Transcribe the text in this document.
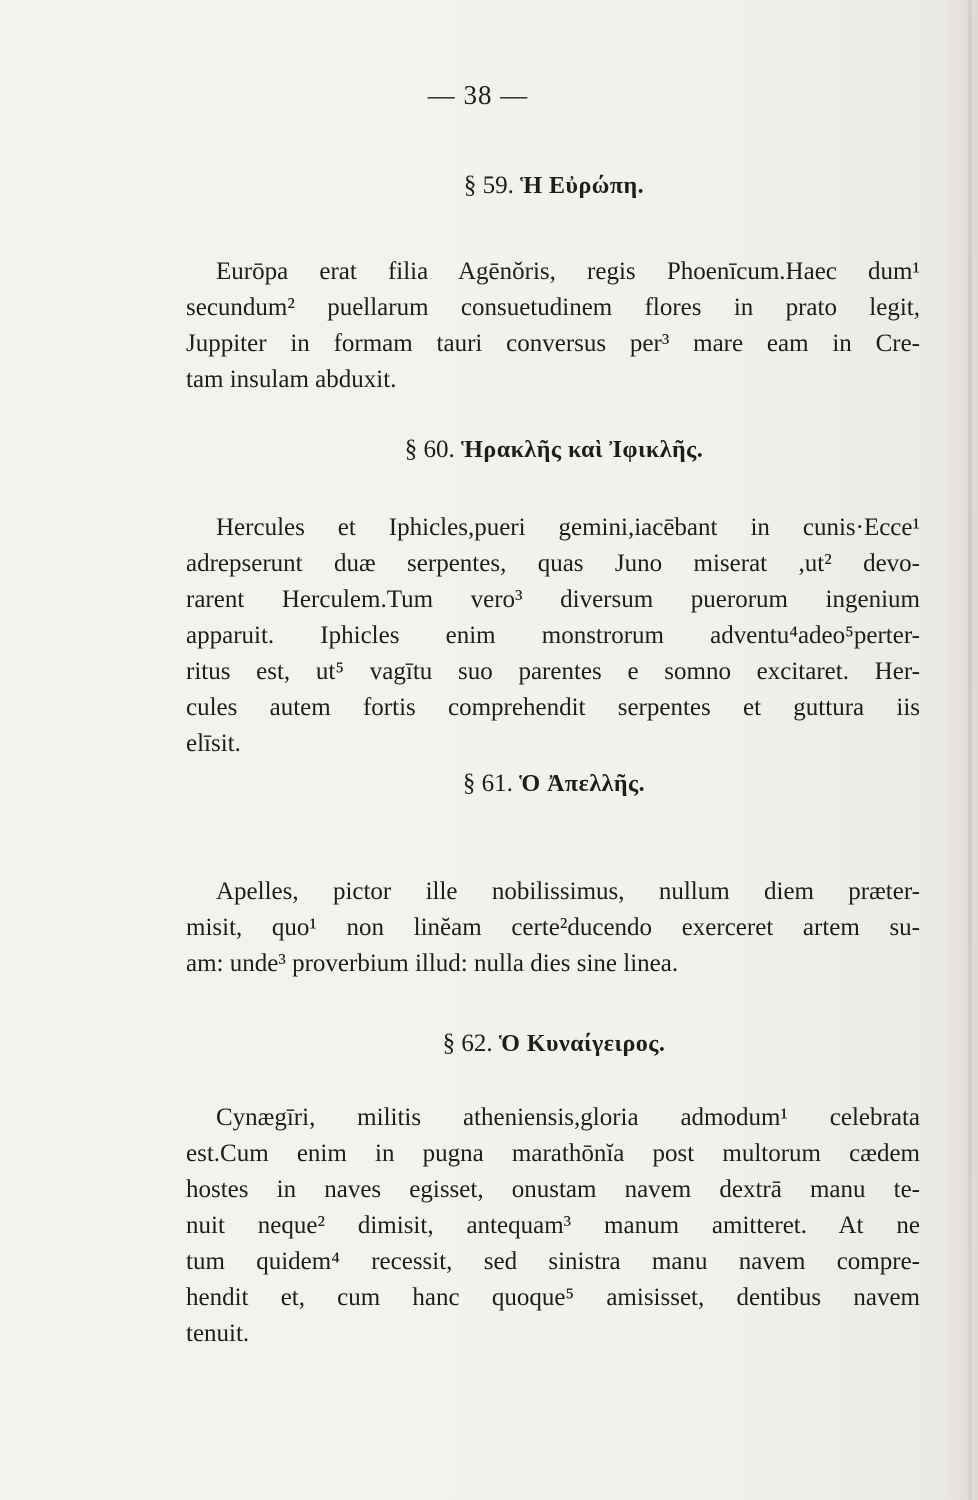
— 38 —
§ 59. Ἡ Εὐρώπη.
Eurōpa erat filia Agēnŏris, regis Phoenīcum.Haec dum¹
secundum² puellarum consuetudinem flores in prato legit,
Juppiter in formam tauri conversus per³ mare eam in Cre-
tam insulam abduxit.
§ 60. Ἡρακλῆς καὶ Ἰφικλῆς.
Hercules et Iphicles,pueri gemini,iacēbant in cunis·Ecce¹
adrepserunt duæ serpentes, quas Juno miserat ,ut² devo-
rarent Herculem.Tum vero³ diversum puerorum ingenium
apparuit. Iphicles enim monstrorum adventu⁴adeo⁵perter-
ritus est, ut⁵ vagītu suo parentes e somno excitaret. Her-
cules autem fortis comprehendit serpentes et guttura iis
elīsit.
§ 61. Ὁ Ἀπελλῆς.
Apelles, pictor ille nobilissimus, nullum diem præter-
misit, quo¹ non linĕam certe²ducendo exerceret artem su-
am: unde³ proverbium illud: nulla dies sine linea.
§ 62. Ὁ Κυναίγειρος.
Cynægīri, militis atheniensis,gloria admodum¹ celebrata
est.Cum enim in pugna marathōnĭa post multorum cædem
hostes in naves egisset, onustam navem dextrā manu te-
nuit neque² dimisit, antequam³ manum amitteret. At ne
tum quidem⁴ recessit, sed sinistra manu navem compre-
hendit et, cum hanc quoque⁵ amisisset, dentibus navem
tenuit.
